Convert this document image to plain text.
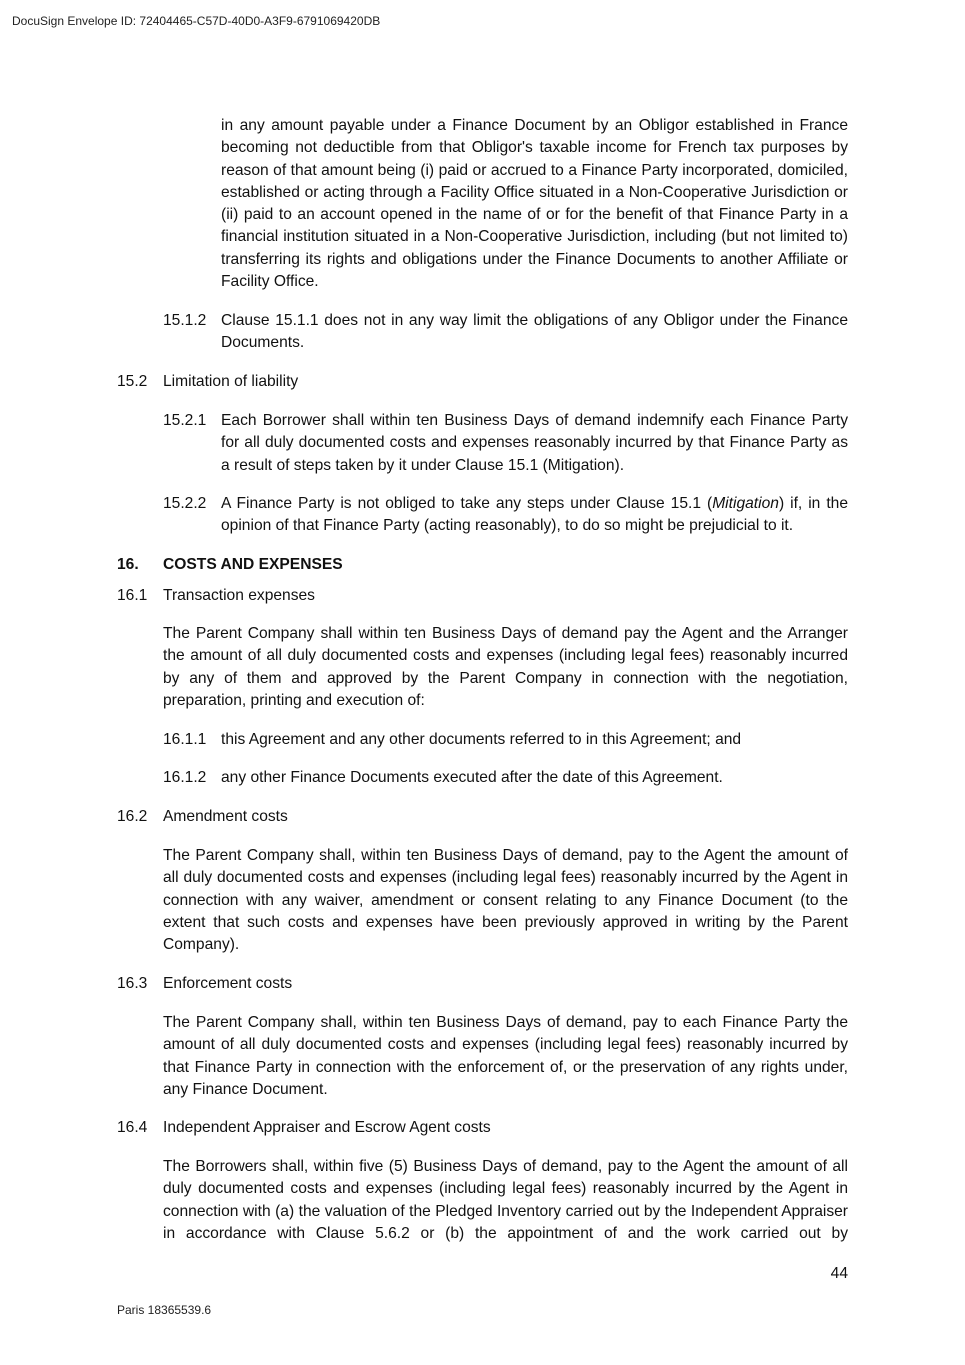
DocuSign Envelope ID: 72404465-C57D-40D0-A3F9-6791069420DB

in any amount payable under a Finance Document by an Obligor established in France becoming not deductible from that Obligor's taxable income for French tax purposes by reason of that amount being (i) paid or accrued to a Finance Party incorporated, domiciled, established or acting through a Facility Office situated in a Non-Cooperative Jurisdiction or (ii) paid to an account opened in the name of or for the benefit of that Finance Party in a financial institution situated in a Non-Cooperative Jurisdiction, including (but not limited to) transferring its rights and obligations under the Finance Documents to another Affiliate or Facility Office.

15.1.2 Clause 15.1.1 does not in any way limit the obligations of any Obligor under the Finance Documents.

15.2 Limitation of liability
15.2.1 Each Borrower shall within ten Business Days of demand indemnify each Finance Party for all duly documented costs and expenses reasonably incurred by that Finance Party as a result of steps taken by it under Clause 15.1 (Mitigation).

15.2.2 A Finance Party is not obliged to take any steps under Clause 15.1 (Mitigation) if, in the opinion of that Finance Party (acting reasonably), to do so might be prejudicial to it.

16. COSTS AND EXPENSES
16.1 Transaction expenses

The Parent Company shall within ten Business Days of demand pay the Agent and the Arranger the amount of all duly documented costs and expenses (including legal fees) reasonably incurred by any of them and approved by the Parent Company in connection with the negotiation, preparation, printing and execution of:

16.1.1 this Agreement and any other documents referred to in this Agreement; and

16.1.2 any other Finance Documents executed after the date of this Agreement.

16.2 Amendment costs

The Parent Company shall, within ten Business Days of demand, pay to the Agent the amount of all duly documented costs and expenses (including legal fees) reasonably incurred by the Agent in connection with any waiver, amendment or consent relating to any Finance Document (to the extent that such costs and expenses have been previously approved in writing by the Parent Company).

16.3 Enforcement costs

The Parent Company shall, within ten Business Days of demand, pay to each Finance Party the amount of all duly documented costs and expenses (including legal fees) reasonably incurred by that Finance Party in connection with the enforcement of, or the preservation of any rights under, any Finance Document.

16.4 Independent Appraiser and Escrow Agent costs

The Borrowers shall, within five (5) Business Days of demand, pay to the Agent the amount of all duly documented costs and expenses (including legal fees) reasonably incurred by the Agent in connection with (a) the valuation of the Pledged Inventory carried out by the Independent Appraiser in accordance with Clause 5.6.2 or (b) the appointment of and the work carried out by

44
Paris 18365539.6
